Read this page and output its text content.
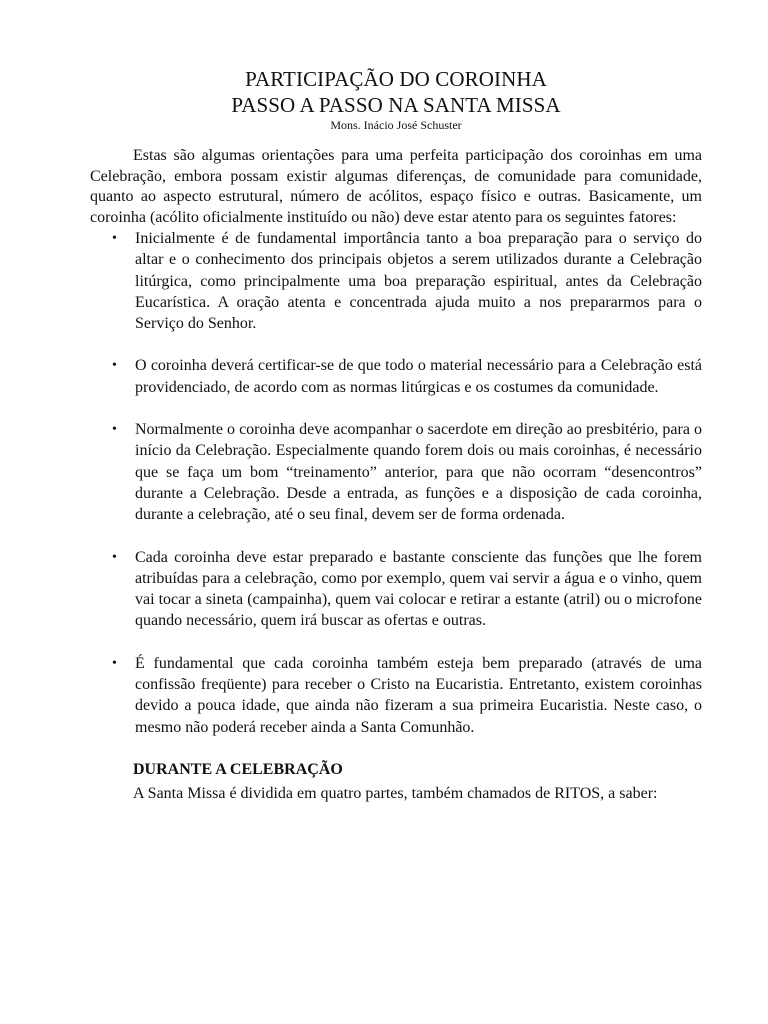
PARTICIPAÇÃO DO COROINHA
PASSO A PASSO NA SANTA MISSA

Mons. Inácio José Schuster

Estas são algumas orientações para uma perfeita participação dos coroinhas em uma Celebração, embora possam existir algumas diferenças, de comunidade para comunidade, quanto ao aspecto estrutural, número de acólitos, espaço físico e outras. Basicamente, um coroinha (acólito oficialmente instituído ou não) deve estar atento para os seguintes fatores:

• Inicialmente é de fundamental importância tanto a boa preparação para o serviço do altar e o conhecimento dos principais objetos a serem utilizados durante a Celebração litúrgica, como principalmente uma boa preparação espiritual, antes da Celebração Eucarística. A oração atenta e concentrada ajuda muito a nos prepararmos para o Serviço do Senhor.
• O coroinha deverá certificar-se de que todo o material necessário para a Celebração está providenciado, de acordo com as normas litúrgicas e os costumes da comunidade.
• Normalmente o coroinha deve acompanhar o sacerdote em direção ao presbitério, para o início da Celebração. Especialmente quando forem dois ou mais coroinhas, é necessário que se faça um bom “treinamento” anterior, para que não ocorram “desencontros” durante a Celebração. Desde a entrada, as funções e a disposição de cada coroinha, durante a celebração, até o seu final, devem ser de forma ordenada.
• Cada coroinha deve estar preparado e bastante consciente das funções que lhe forem atribuídas para a celebração, como por exemplo, quem vai servir a água e o vinho, quem vai tocar a sineta (campainha), quem vai colocar e retirar a estante (atril) ou o microfone quando necessário, quem irá buscar as ofertas e outras.
• É fundamental que cada coroinha também esteja bem preparado (através de uma confissão freqüente) para receber o Cristo na Eucaristia. Entretanto, existem coroinhas devido a pouca idade, que ainda não fizeram a sua primeira Eucaristia. Neste caso, o mesmo não poderá receber ainda a Santa Comunhão.

DURANTE A CELEBRAÇÃO

A Santa Missa é dividida em quatro partes, também chamados de RITOS, a saber:
